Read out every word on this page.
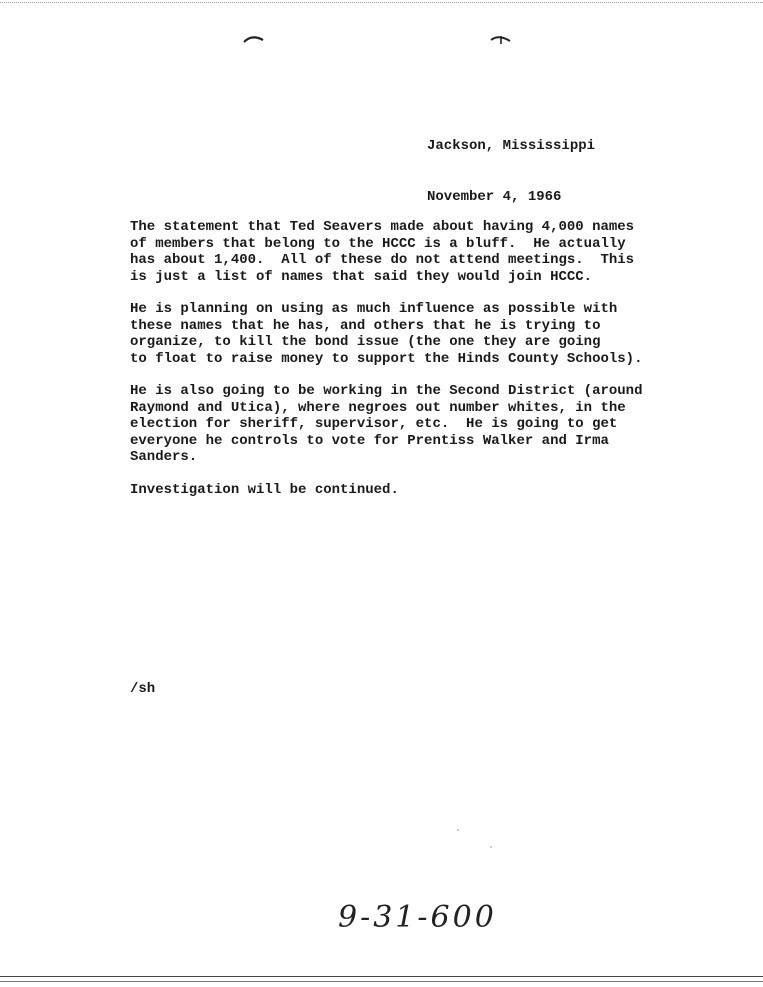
Jackson, Mississippi

November 4, 1966

The statement that Ted Seavers made about having 4,000 names
of members that belong to the HCCC is a bluff.  He actually
has about 1,400.  All of these do not attend meetings.  This
is just a list of names that said they would join HCCC.

He is planning on using as much influence as possible with
these names that he has, and others that he is trying to
organize, to kill the bond issue (the one they are going
to float to raise money to support the Hinds County Schools).

He is also going to be working in the Second District (around
Raymond and Utica), where negroes out number whites, in the
election for sheriff, supervisor, etc.  He is going to get
everyone he controls to vote for Prentiss Walker and Irma
Sanders.

Investigation will be continued.

/sh
9-31-600
